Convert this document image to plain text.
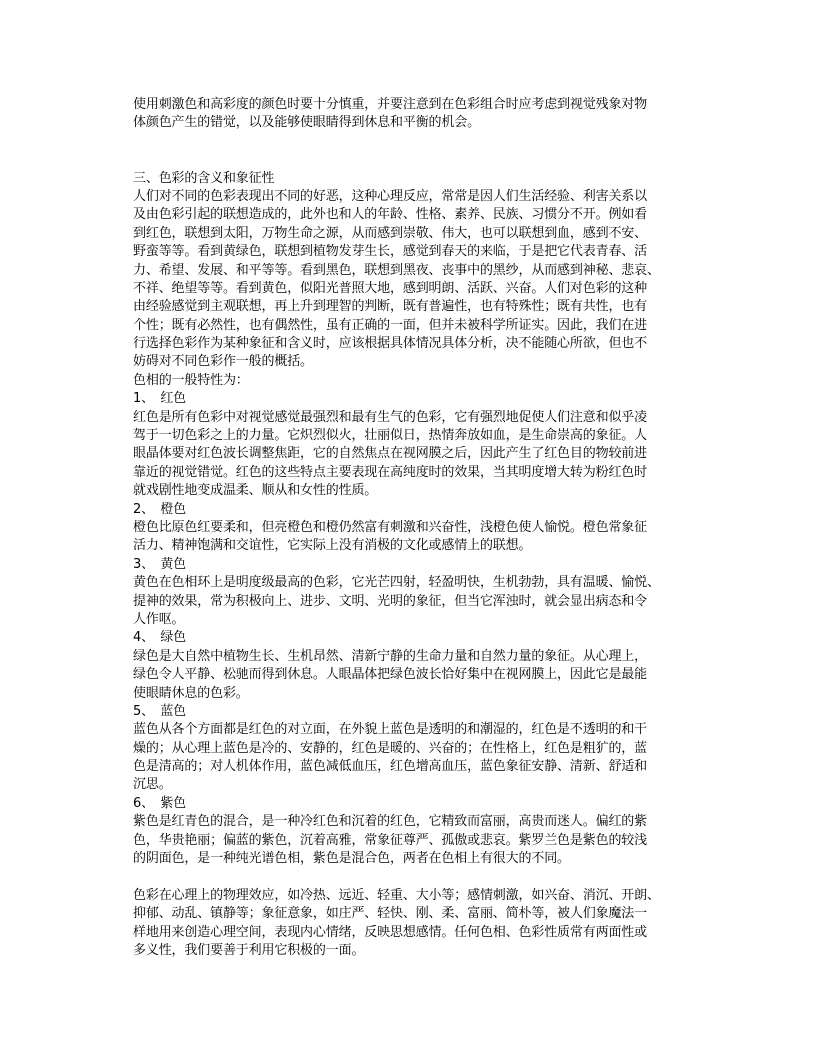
使用刺激色和高彩度的颜色时要十分慎重，并要注意到在色彩组合时应考虑到视觉残象对物
体颜色产生的错觉，以及能够使眼睛得到休息和平衡的机会。
三、色彩的含义和象征性
人们对不同的色彩表现出不同的好恶，这种心理反应，常常是因人们生活经验、利害关系以
及由色彩引起的联想造成的，此外也和人的年龄、性格、素养、民族、习惯分不开。例如看
到红色，联想到太阳，万物生命之源，从而感到崇敬、伟大，也可以联想到血，感到不安、
野蛮等等。看到黄绿色，联想到植物发芽生长，感觉到春天的来临，于是把它代表青春、活
力、希望、发展、和平等等。看到黑色，联想到黑夜、丧事中的黑纱，从而感到神秘、悲哀、
不祥、绝望等等。看到黄色，似阳光普照大地，感到明朗、活跃、兴奋。人们对色彩的这种
由经验感觉到主观联想，再上升到理智的判断，既有普遍性，也有特殊性；既有共性，也有
个性；既有必然性，也有偶然性，虽有正确的一面，但并未被科学所证实。因此，我们在进
行选择色彩作为某种象征和含义时，应该根据具体情况具体分析，决不能随心所欲，但也不
妨碍对不同色彩作一般的概括。
色相的一般特性为：
1、　红色
红色是所有色彩中对视觉感觉最强烈和最有生气的色彩，它有强烈地促使人们注意和似乎凌
驾于一切色彩之上的力量。它炽烈似火，壮丽似日，热情奔放如血，是生命崇高的象征。人
眼晶体要对红色波长调整焦距，它的自然焦点在视网膜之后，因此产生了红色目的物较前进
靠近的视觉错觉。红色的这些特点主要表现在高纯度时的效果，当其明度增大转为粉红色时
就戏剧性地变成温柔、顺从和女性的性质。
2、　橙色
橙色比原色红要柔和，但亮橙色和橙仍然富有刺激和兴奋性，浅橙色使人愉悦。橙色常象征
活力、精神饱满和交谊性，它实际上没有消极的文化或感情上的联想。
3、　黄色
黄色在色相环上是明度级最高的色彩，它光芒四射，轻盈明快，生机勃勃，具有温暖、愉悦、
提神的效果，常为积极向上、进步、文明、光明的象征，但当它浑浊时，就会显出病态和令
人作呕。
4、　绿色
绿色是大自然中植物生长、生机昂然、清新宁静的生命力量和自然力量的象征。从心理上，
绿色令人平静、松驰而得到休息。人眼晶体把绿色波长恰好集中在视网膜上，因此它是最能
使眼睛休息的色彩。
5、　蓝色
蓝色从各个方面都是红色的对立面，在外貌上蓝色是透明的和潮湿的，红色是不透明的和干
燥的；从心理上蓝色是冷的、安静的，红色是暖的、兴奋的；在性格上，红色是粗犷的，蓝
色是清高的；对人机体作用，蓝色减低血压，红色增高血压，蓝色象征安静、清新、舒适和
沉思。
6、　紫色
紫色是红青色的混合，是一种冷红色和沉着的红色，它精致而富丽，高贵而迷人。偏红的紫
色，华贵艳丽；偏蓝的紫色，沉着高雅，常象征尊严、孤傲或悲哀。紫罗兰色是紫色的较浅
的阴面色，是一种纯光谱色相，紫色是混合色，两者在色相上有很大的不同。
色彩在心理上的物理效应，如冷热、远近、轻重、大小等；感情刺激，如兴奋、消沉、开朗、
抑郁、动乱、镇静等；象征意象，如庄严、轻快、刚、柔、富丽、简朴等，被人们象魔法一
样地用来创造心理空间，表现内心情绪，反映思想感情。任何色相、色彩性质常有两面性或
多义性，我们要善于利用它积极的一面。
